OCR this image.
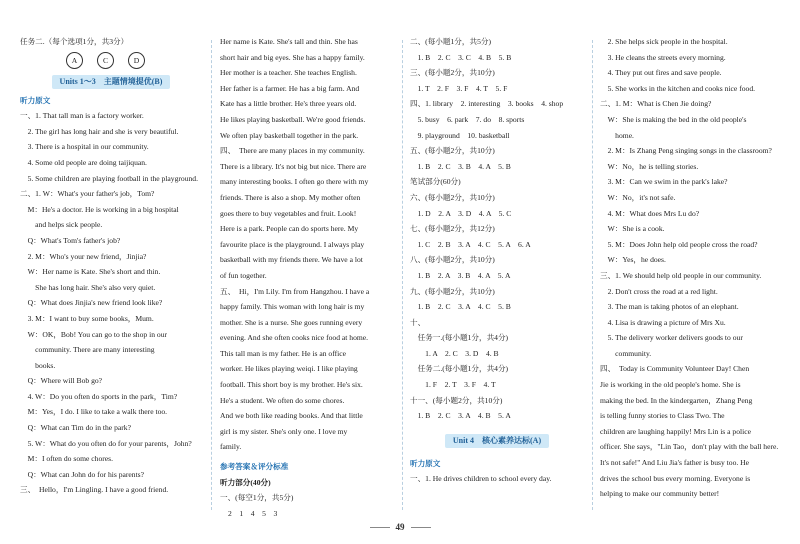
任务二.（每个选项1分，共3分）
A	C	D
Units 1～3　主题情境提优(B)
听力原文
一、1. That tall man is a factory worker.
　2. The girl has long hair and she is very beautiful.
　3. There is a hospital in our community.
　4. Some old people are doing taijiquan.
　5. Some children are playing football in the playground.
二、1. W：What's your father's job，Tom?
　M：He's a doctor. He is working in a big hospital
　　and helps sick people.
　Q：What's Tom's father's job?
　2. M：Who's your new friend，Jinjia?
　W：Her name is Kate. She's short and thin.
　　She has long hair. She's also very quiet.
　Q：What does Jinjia's new friend look like?
　3. M：I want to buy some books，Mum.
　W：OK，Bob! You can go to the shop in our
　　community. There are many interesting
　　books.
　Q：Where will Bob go?
　4. W：Do you often do sports in the park，Tim?
　M：Yes，I do. I like to take a walk there too.
　Q：What can Tim do in the park?
　5. W：What do you often do for your parents，John?
　M：I often do some chores.
　Q：What can John do for his parents?
三、　Hello，I'm Lingling. I have a good friend.
Her name is Kate. She's tall and thin. She has
short hair and big eyes. She has a happy family.
Her mother is a teacher. She teaches English.
Her father is a farmer. He has a big farm. And
Kate has a little brother. He's three years old.
He likes playing basketball. We're good friends.
We often play basketball together in the park.
四、　There are many places in my community.
There is a library. It's not big but nice. There are
many interesting books. I often go there with my
friends. There is also a shop. My mother often
goes there to buy vegetables and fruit. Look!
Here is a park. People can do sports here. My
favourite place is the playground. I always play
basketball with my friends there. We have a lot
of fun together.
五、　Hi，I'm Lily. I'm from Hangzhou. I have a
happy family. This woman with long hair is my
mother. She is a nurse. She goes running every
evening. And she often cooks nice food at home.
This tall man is my father. He is an office
worker. He likes playing weiqi. I like playing
football. This short boy is my brother. He's six.
He's a student. We often do some chores.
And we both like reading books. And that little
girl is my sister. She's only one. I love my
family.
参考答案＆评分标准
听力部分(40分)
一、(每空1分，共5分)
2　1　4　5　3
二、(每小题1分，共5分)
　1. B　2. C　3. C　4. B　5. B
三、(每小题2分，共10分)
　1. T　2. F　3. F　4. T　5. F
四、1. library　2. interesting　3. books　4. shop
　5. busy　6. park　7. do　8. sports
　9. playground　10. basketball
五、(每小题2分，共10分)
　1. B　2. C　3. B　4. A　5. B
笔试部分(60分)
六、(每小题2分，共10分)
　1. D　2. A　3. D　4. A　5. C
七、(每小题2分，共12分)
　1. C　2. B　3. A　4. C　5. A　6. A
八、(每小题2分，共10分)
　1. B　2. A　3. B　4. A　5. A
九、(每小题2分，共10分)
　1. B　2. C　3. A　4. C　5. B
十、
　任务一.(每小题1分，共4分)
　　1. A　2. C　3. D　4. B
　任务二.(每小题1分，共4分)
　　1. F　2. T　3. F　4. T
十一、(每小题2分，共10分)
　1. B　2. C　3. A　4. B　5. A
Unit 4　核心素养达标(A)
听力原文
一、1. He drives children to school every day.
　2. She helps sick people in the hospital.
　3. He cleans the streets every morning.
　4. They put out fires and save people.
　5. She works in the kitchen and cooks nice food.
二、1. M：What is Chen Jie doing?
　W：She is making the bed in the old people's
　　home.
　2. M：Is Zhang Peng singing songs in the classroom?
　W：No，he is telling stories.
　3. M：Can we swim in the park's lake?
　W：No，it's not safe.
　4. M：What does Mrs Lu do?
　W：She is a cook.
　5. M：Does John help old people cross the road?
　W：Yes，he does.
三、1. We should help old people in our community.
　2. Don't cross the road at a red light.
　3. The man is taking photos of an elephant.
　4. Lisa is drawing a picture of Mrs Xu.
　5. The delivery worker delivers goods to our
　　community.
四、　Today is Community Volunteer Day! Chen
Jie is working in the old people's home. She is
making the bed. In the kindergarten，Zhang Peng
is telling funny stories to Class Two. The
children are laughing happily! Mrs Lin is a police
officer. She says，"Lin Tao，don't play with the ball here. It's not safe!" And Liu Jia's father is busy too. He
drives the school bus every morning. Everyone is
helping to make our community better!
49
